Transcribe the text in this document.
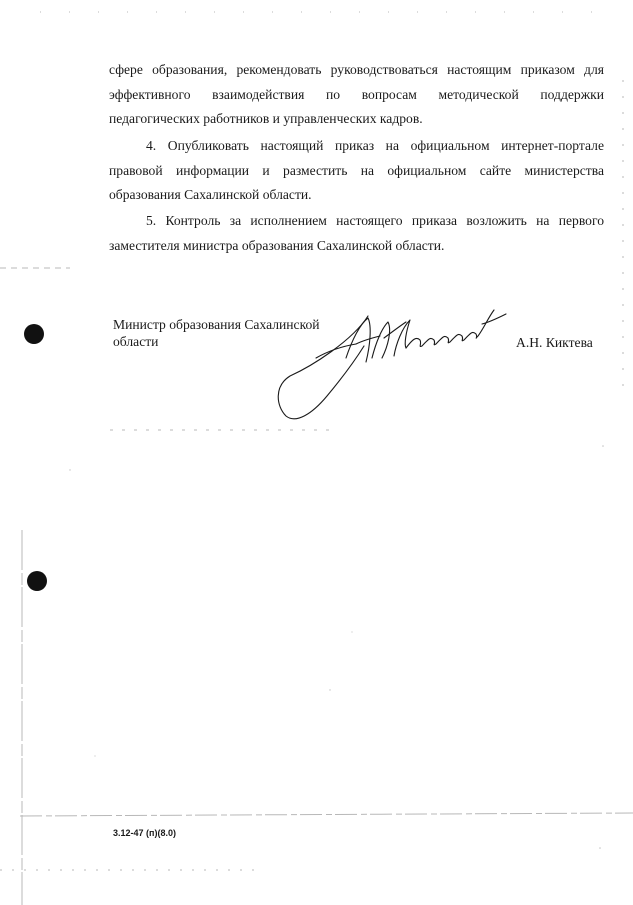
сфере образования, рекомендовать руководствоваться настоящим приказом для эффективного взаимодействия по вопросам методической поддержки педагогических работников и управленческих кадров.

4. Опубликовать настоящий приказ на официальном интернет-портале правовой информации и разместить на официальном сайте министерства образования Сахалинской области.

5. Контроль за исполнением настоящего приказа возложить на первого заместителя министра образования Сахалинской области.

Министр образования Сахалинской
области	А.Н. Киктева
3.12-47 (п)(8.0)
